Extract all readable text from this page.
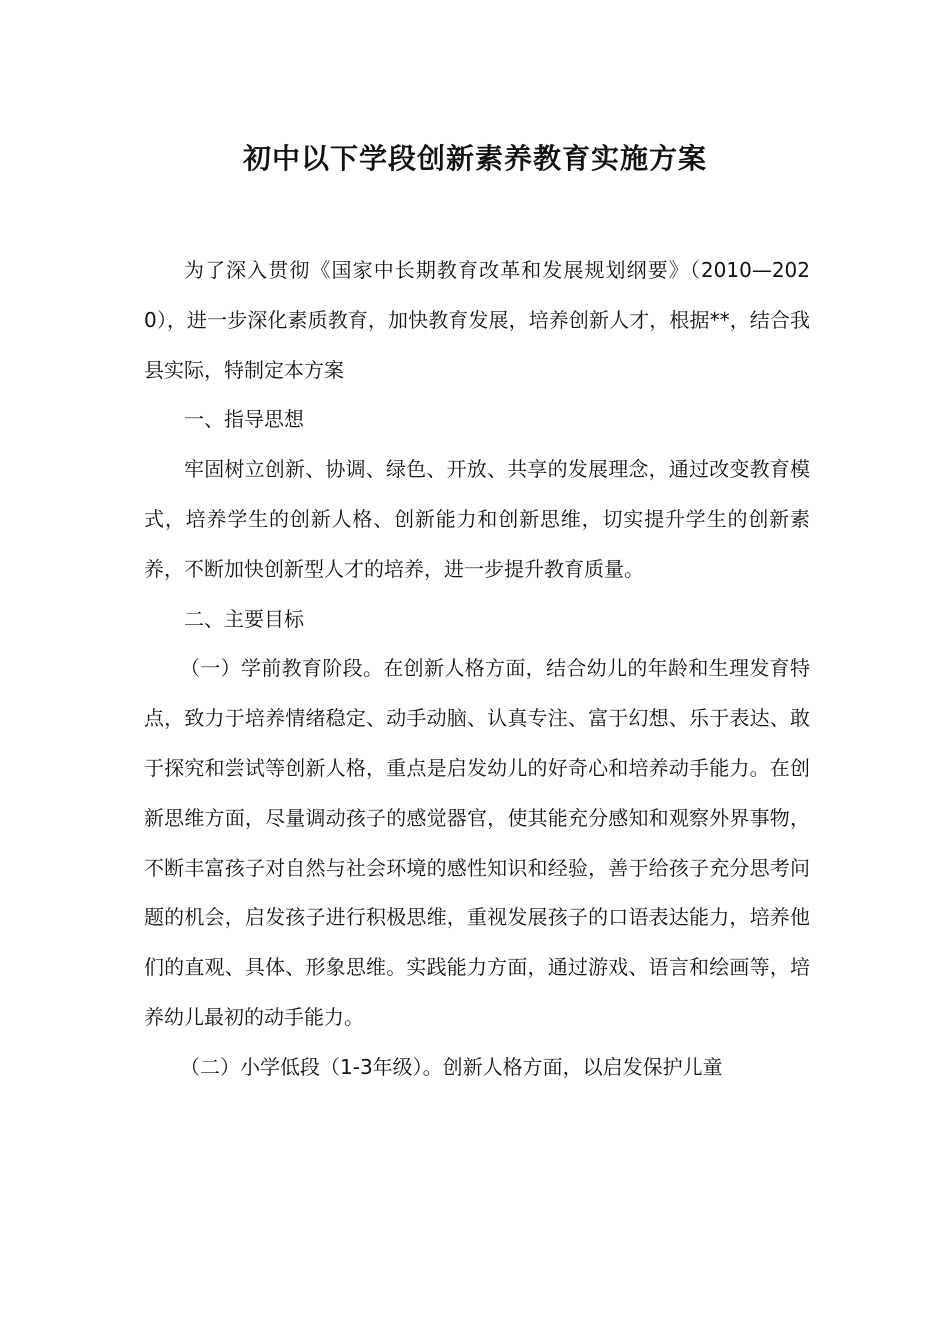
初中以下学段创新素养教育实施方案

为了深入贯彻《国家中长期教育改革和发展规划纲要》（2010—2020），进一步深化素质教育，加快教育发展，培养创新人才，根据**，结合我县实际，特制定本方案

一、指导思想

牢固树立创新、协调、绿色、开放、共享的发展理念，通过改变教育模式，培养学生的创新人格、创新能力和创新思维，切实提升学生的创新素养，不断加快创新型人才的培养，进一步提升教育质量。

二、主要目标

（一）学前教育阶段。在创新人格方面，结合幼儿的年龄和生理发育特点，致力于培养情绪稳定、动手动脑、认真专注、富于幻想、乐于表达、敢于探究和尝试等创新人格，重点是启发幼儿的好奇心和培养动手能力。在创新思维方面，尽量调动孩子的感觉器官，使其能充分感知和观察外界事物，不断丰富孩子对自然与社会环境的感性知识和经验，善于给孩子充分思考问题的机会，启发孩子进行积极思维，重视发展孩子的口语表达能力，培养他们的直观、具体、形象思维。实践能力方面，通过游戏、语言和绘画等，培养幼儿最初的动手能力。

（二）小学低段（1-3年级）。创新人格方面，以启发保护儿童
